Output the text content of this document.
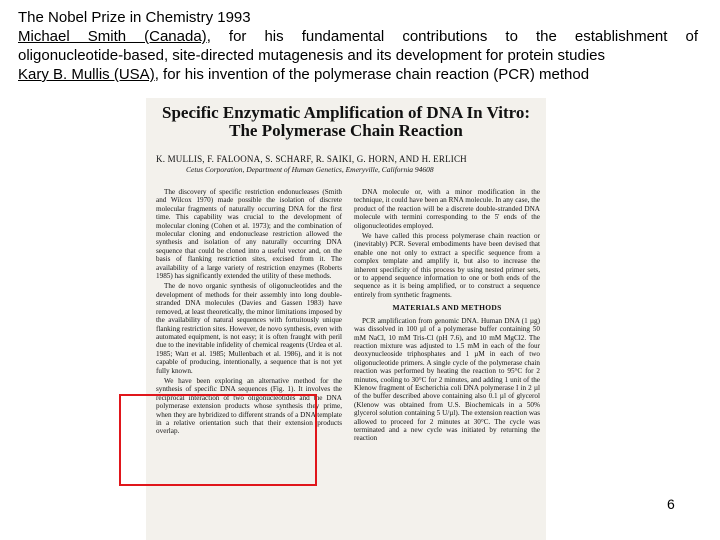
The Nobel Prize in Chemistry 1993
Michael Smith (Canada), for his fundamental contributions to the establishment of
oligonucleotide-based, site-directed mutagenesis and its development for protein studies
Kary B. Mullis (USA), for his invention of the polymerase chain reaction (PCR) method
Specific Enzymatic Amplification of DNA In Vitro:
The Polymerase Chain Reaction
K. MULLIS, F. FALOONA, S. SCHARF, R. SAIKI, G. HORN, AND H. ERLICH
Cetus Corporation, Department of Human Genetics, Emeryville, California 94608

The discovery of specific restriction endonucleases (Smith and Wilcox 1970) made possible the isolation of discrete molecular fragments of naturally occurring DNA for the first time. This capability was crucial to the development of molecular cloning (Cohen et al. 1973); and the combination of molecular cloning and endonuclease restriction allowed the synthesis and isolation of any naturally occurring DNA sequence that could be cloned into a useful vector and, on the basis of flanking restriction sites, excised from it. The availability of a large variety of restriction enzymes (Roberts 1985) has significantly extended the utility of these methods.

The de novo organic synthesis of oligonucleotides and the development of methods for their assembly into long double-stranded DNA molecules (Davies and Gassen 1983) have removed, at least theoretically, the minor limitations imposed by the availability of natural sequences with fortuitously unique flanking restriction sites. However, de novo synthesis, even with automated equipment, is not easy; it is often fraught with peril due to the inevitable infidelity of chemical reagents (Urdea et al. 1985; Watt et al. 1985; Mullenbach et al. 1986), and it is not capable of producing, intentionally, a sequence that is not yet fully known.

We have been exploring an alternative method for the synthesis of specific DNA sequences (Fig. 1). It involves the reciprocal interaction of two oligonucleotides and the DNA polymerase extension products whose synthesis they prime, when they are hybridized to different strands of a DNA template in a relative orientation such that their extension products overlap.

DNA molecule or, with a minor modification in the technique, it could have been an RNA molecule. In any case, the product of the reaction will be a discrete double-stranded DNA molecule with termini corresponding to the 5' ends of the oligonucleotides employed.

We have called this process polymerase chain reaction or (inevitably) PCR. Several embodiments have been devised that enable one not only to extract a specific sequence from a complex template and amplify it, but also to increase the inherent specificity of this process by using nested primer sets, or to append sequence information to one or both ends of the sequence as it is being amplified, or to construct a sequence entirely from synthetic fragments.

MATERIALS AND METHODS

PCR amplification from genomic DNA. Human DNA (1 µg) was dissolved in 100 µl of a polymerase buffer containing 50 mM NaCl, 10 mM Tris-Cl (pH 7.6), and 10 mM MgCl2. The reaction mixture was adjusted to 1.5 mM in each of the four deoxynucleoside triphosphates and 1 µM in each of two oligonucleotide primers. A single cycle of the polymerase chain reaction was performed by heating the reaction to 95°C for 2 minutes, cooling to 30°C for 2 minutes, and adding 1 unit of the Klenow fragment of Escherichia coli DNA polymerase I in 2 µl of the buffer described above containing also 0.1 µl of glycerol (Klenow was obtained from U.S. Biochemicals in a 50% glycerol solution containing 5 U/µl). The extension reaction was allowed to proceed for 2 minutes at 30°C. The cycle was terminated and a new cycle was initiated by returning the reaction

6
